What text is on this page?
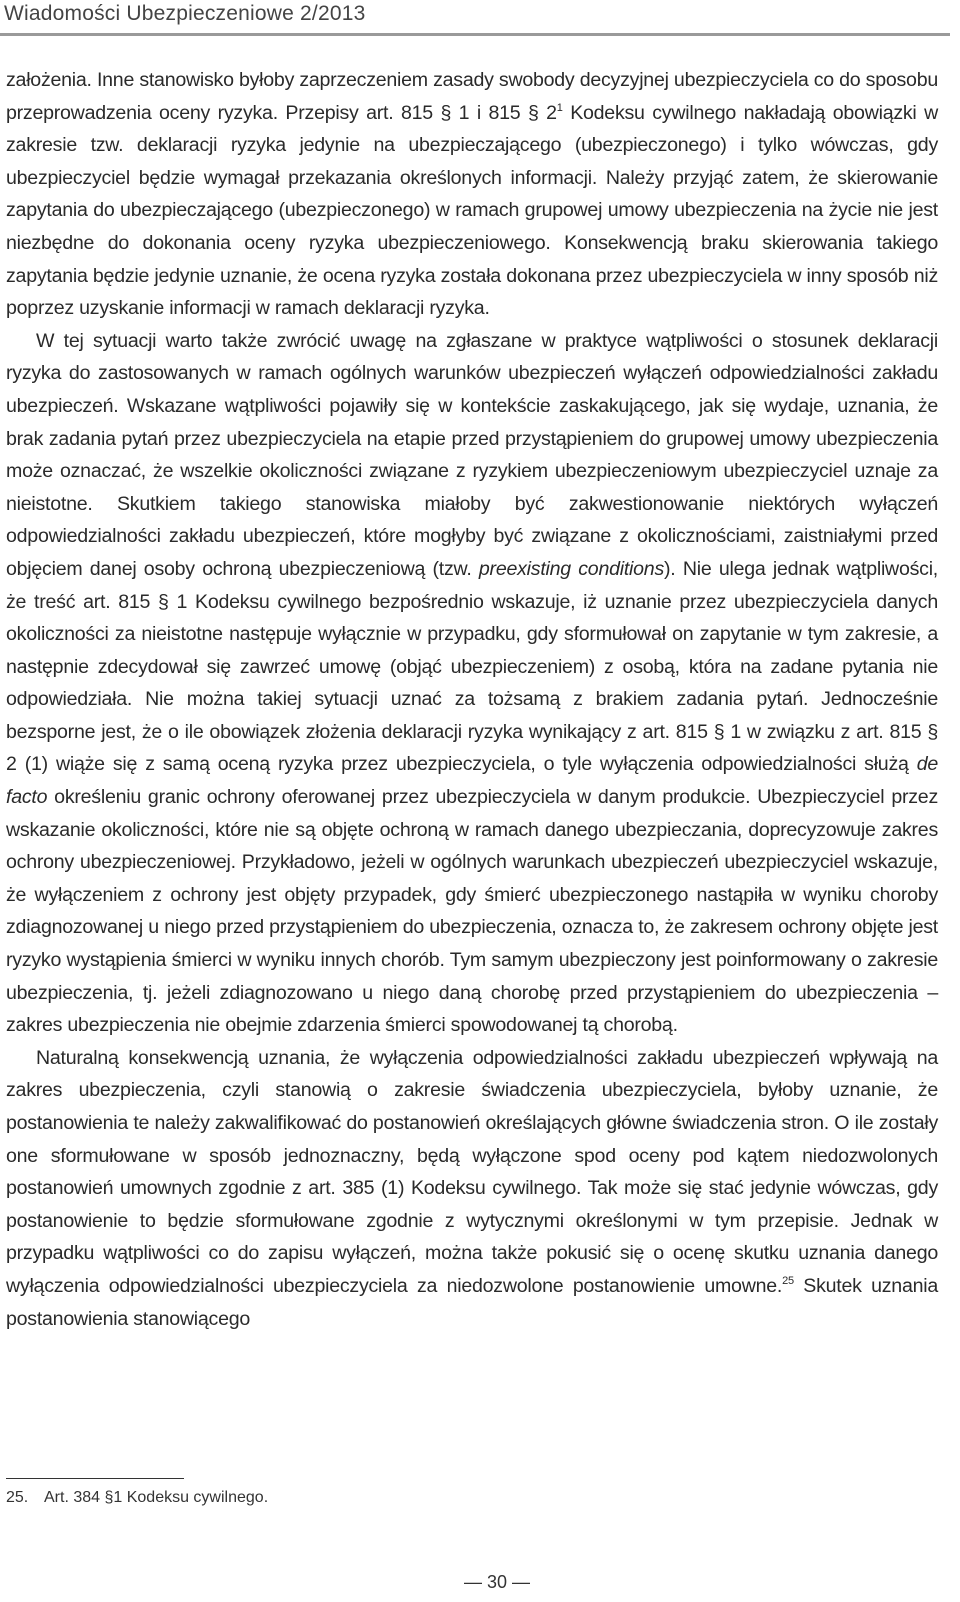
Wiadomości Ubezpieczeniowe 2/2013

założenia. Inne stanowisko byłoby zaprzeczeniem zasady swobody decyzyjnej ubezpieczyciela co do sposobu przeprowadzenia oceny ryzyka. Przepisy art. 815 § 1 i 815 § $2^1$ Kodeksu cywilnego nakładają obowiązki w zakresie tzw. deklaracji ryzyka jedynie na ubezpieczającego (ubezpieczonego) i tylko wówczas, gdy ubezpieczyciel będzie wymagał przekazania określonych informacji. Należy przyjąć zatem, że skierowanie zapytania do ubezpieczającego (ubezpieczonego) w ramach grupowej umowy ubezpieczenia na życie nie jest niezbędne do dokonania oceny ryzyka ubezpieczeniowego. Konsekwencją braku skierowania takiego zapytania będzie jedynie uznanie, że ocena ryzyka została dokonana przez ubezpieczyciela w inny sposób niż poprzez uzyskanie informacji w ramach deklaracji ryzyka.

W tej sytuacji warto także zwrócić uwagę na zgłaszane w praktyce wątpliwości o stosunek deklaracji ryzyka do zastosowanych w ramach ogólnych warunków ubezpieczeń wyłączeń odpowiedzialności zakładu ubezpieczeń. Wskazane wątpliwości pojawiły się w kontekście zaskakującego, jak się wydaje, uznania, że brak zadania pytań przez ubezpieczyciela na etapie przed przystąpieniem do grupowej umowy ubezpieczenia może oznaczać, że wszelkie okoliczności związane z ryzykiem ubezpieczeniowym ubezpieczyciel uznaje za nieistotne. Skutkiem takiego stanowiska miałoby być zakwestionowanie niektórych wyłączeń odpowiedzialności zakładu ubezpieczeń, które mogłyby być związane z okolicznościami, zaistniałymi przed objęciem danej osoby ochroną ubezpieczeniową (tzw. preexisting conditions). Nie ulega jednak wątpliwości, że treść art. 815 § 1 Kodeksu cywilnego bezpośrednio wskazuje, iż uznanie przez ubezpieczyciela danych okoliczności za nieistotne następuje wyłącznie w przypadku, gdy sformułował on zapytanie w tym zakresie, a następnie zdecydował się zawrzeć umowę (objąć ubezpieczeniem) z osobą, która na zadane pytania nie odpowiedziała. Nie można takiej sytuacji uznać za tożsamą z brakiem zadania pytań. Jednocześnie bezsporne jest, że o ile obowiązek złożenia deklaracji ryzyka wynikający z art. 815 § 1 w związku z art. 815 § 2 (1) wiąże się z samą oceną ryzyka przez ubezpieczyciela, o tyle wyłączenia odpowiedzialności służą de facto określeniu granic ochrony oferowanej przez ubezpieczyciela w danym produkcie. Ubezpieczyciel przez wskazanie okoliczności, które nie są objęte ochroną w ramach danego ubezpieczania, doprecyzowuje zakres ochrony ubezpieczeniowej. Przykładowo, jeżeli w ogólnych warunkach ubezpieczeń ubezpieczyciel wskazuje, że wyłączeniem z ochrony jest objęty przypadek, gdy śmierć ubezpieczonego nastąpiła w wyniku choroby zdiagnozowanej u niego przed przystąpieniem do ubezpieczenia, oznacza to, że zakresem ochrony objęte jest ryzyko wystąpienia śmierci w wyniku innych chorób. Tym samym ubezpieczony jest poinformowany o zakresie ubezpieczenia, tj. jeżeli zdiagnozowano u niego daną chorobę przed przystąpieniem do ubezpieczenia – zakres ubezpieczenia nie obejmie zdarzenia śmierci spowodowanej tą chorobą.

Naturalną konsekwencją uznania, że wyłączenia odpowiedzialności zakładu ubezpieczeń wpływają na zakres ubezpieczenia, czyli stanowią o zakresie świadczenia ubezpieczyciela, byłoby uznanie, że postanowienia te należy zakwalifikować do postanowień określających główne świadczenia stron. O ile zostały one sformułowane w sposób jednoznaczny, będą wyłączone spod oceny pod kątem niedozwolonych postanowień umownych zgodnie z art. 385 (1) Kodeksu cywilnego. Tak może się stać jedynie wówczas, gdy postanowienie to będzie sformułowane zgodnie z wytycznymi określonymi w tym przepisie. Jednak w przypadku wątpliwości co do zapisu wyłączeń, można także pokusić się o ocenę skutku uznania danego wyłączenia odpowiedzialności ubezpieczyciela za niedozwolone postanowienie umowne.$^{25}$ Skutek uznania postanowienia stanowiącego

25. Art. 384 §1 Kodeksu cywilnego.
— 30 —
